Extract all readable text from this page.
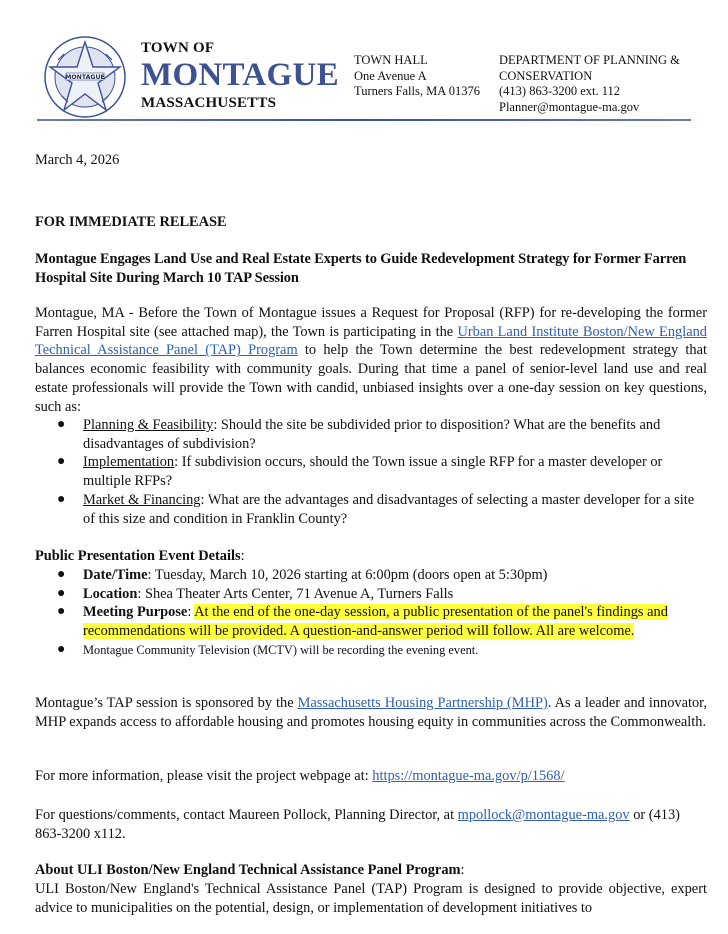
MONTAGUE
TOWN OF
MONTAGUE
MASSACHUSETTS
TOWN HALL
One Avenue A
Turners Falls, MA 01376
DEPARTMENT OF PLANNING &
CONSERVATION
(413) 863-3200 ext. 112
Planner@montague-ma.gov
March 4, 2026
FOR IMMEDIATE RELEASE
Montague Engages Land Use and Real Estate Experts to Guide Redevelopment Strategy for Former Farren Hospital Site During March 10 TAP Session
Montague, MA - Before the Town of Montague issues a Request for Proposal (RFP) for re-developing the former Farren Hospital site (see attached map), the Town is participating in the Urban Land Institute Boston/New England Technical Assistance Panel (TAP) Program to help the Town determine the best redevelopment strategy that balances economic feasibility with community goals. During that time a panel of senior-level land use and real estate professionals will provide the Town with candid, unbiased insights over a one-day session on key questions, such as:
● Planning & Feasibility: Should the site be subdivided prior to disposition? What are the benefits and disadvantages of subdivision?
● Implementation: If subdivision occurs, should the Town issue a single RFP for a master developer or multiple RFPs?
● Market & Financing: What are the advantages and disadvantages of selecting a master developer for a site of this size and condition in Franklin County?
Public Presentation Event Details:
● Date/Time: Tuesday, March 10, 2026 starting at 6:00pm (doors open at 5:30pm)
● Location: Shea Theater Arts Center, 71 Avenue A, Turners Falls
● Meeting Purpose: At the end of the one-day session, a public presentation of the panel's findings and recommendations will be provided. A question-and-answer period will follow. All are welcome.
● Montague Community Television (MCTV) will be recording the evening event.
Montague’s TAP session is sponsored by the Massachusetts Housing Partnership (MHP). As a leader and innovator, MHP expands access to affordable housing and promotes housing equity in communities across the Commonwealth.
For more information, please visit the project webpage at: https://montague-ma.gov/p/1568/
For questions/comments, contact Maureen Pollock, Planning Director, at mpollock@montague-ma.gov or (413) 863-3200 x112.
About ULI Boston/New England Technical Assistance Panel Program:
ULI Boston/New England's Technical Assistance Panel (TAP) Program is designed to provide objective, expert advice to municipalities on the potential, design, or implementation of development initiatives to
